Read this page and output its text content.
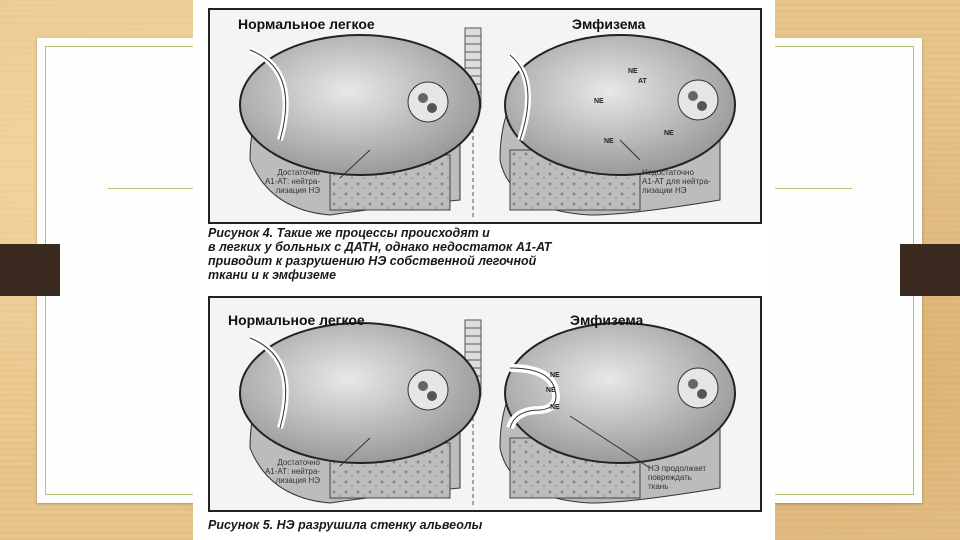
Нормальное легкое	Эмфизема
NE
AT
NE
NE
NE
Достаточно
А1-АТ: нейтра-
лизация НЭ
Недостаточно
А1-АТ для нейтра-
лизации НЭ
Рисунок 4. Такие же процессы происходят и
в легких у больных с ДАТН, однако недостаток А1-АТ
приводит к разрушению НЭ собственной легочной
ткани и к эмфиземе
Нормальное легкое	Эмфизема
NE
NE
NE
Достаточно
А1-АТ: нейтра-
лизация НЭ
НЭ продолжает
повреждать
ткань
Рисунок 5. НЭ разрушила стенку альвеолы
